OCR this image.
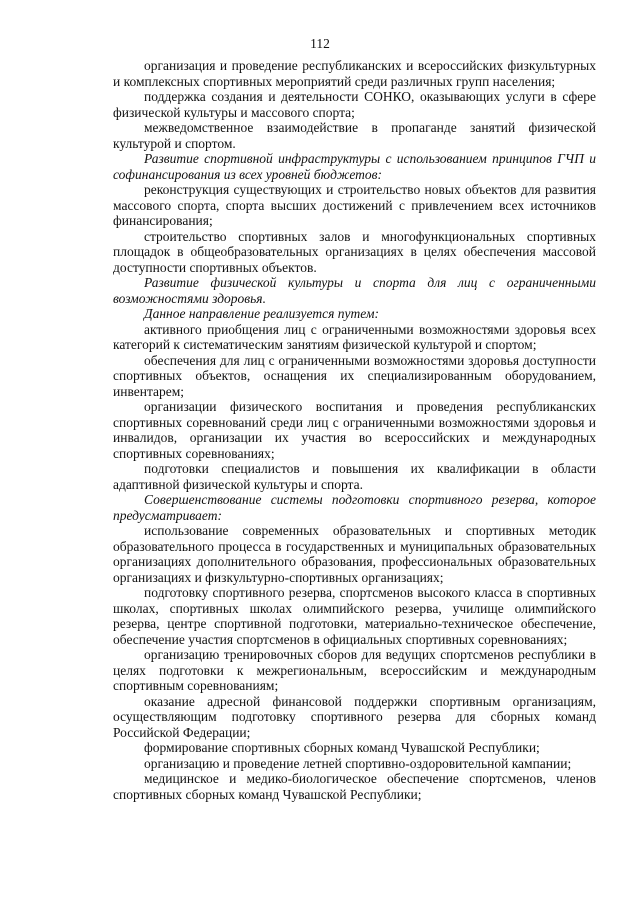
112

организация и проведение республиканских и всероссийских физкультурных и комплексных спортивных мероприятий среди различных групп населения;

поддержка создания и деятельности СОНКО, оказывающих услуги в сфере физической культуры и массового спорта;

межведомственное взаимодействие в пропаганде занятий физической культурой и спортом.

Развитие спортивной инфраструктуры с использованием принципов ГЧП и софинансирования из всех уровней бюджетов:

реконструкция существующих и строительство новых объектов для развития массового спорта, спорта высших достижений с привлечением всех источников финансирования;

строительство спортивных залов и многофункциональных спортивных площадок в общеобразовательных организациях в целях обеспечения массовой доступности спортивных объектов.

Развитие физической культуры и спорта для лиц с ограниченными возможностями здоровья.

Данное направление реализуется путем:

активного приобщения лиц с ограниченными возможностями здоровья всех категорий к систематическим занятиям физической культурой и спортом;

обеспечения для лиц с ограниченными возможностями здоровья доступности спортивных объектов, оснащения их специализированным оборудованием, инвентарем;

организации физического воспитания и проведения республиканских спортивных соревнований среди лиц с ограниченными возможностями здоровья и инвалидов, организации их участия во всероссийских и международных спортивных соревнованиях;

подготовки специалистов и повышения их квалификации в области адаптивной физической культуры и спорта.

Совершенствование системы подготовки спортивного резерва, которое предусматривает:

использование современных образовательных и спортивных методик образовательного процесса в государственных и муниципальных образовательных организациях дополнительного образования, профессиональных образовательных организациях и физкультурно-спортивных организациях;

подготовку спортивного резерва, спортсменов высокого класса в спортивных школах, спортивных школах олимпийского резерва, училище олимпийского резерва, центре спортивной подготовки, материально-техническое обеспечение, обеспечение участия спортсменов в официальных спортивных соревнованиях;

организацию тренировочных сборов для ведущих спортсменов республики в целях подготовки к межрегиональным, всероссийским и международным спортивным соревнованиям;

оказание адресной финансовой поддержки спортивным организациям, осуществляющим подготовку спортивного резерва для сборных команд Российской Федерации;

формирование спортивных сборных команд Чувашской Республики;

организацию и проведение летней спортивно-оздоровительной кампании;

медицинское и медико-биологическое обеспечение спортсменов, членов спортивных сборных команд Чувашской Республики;
